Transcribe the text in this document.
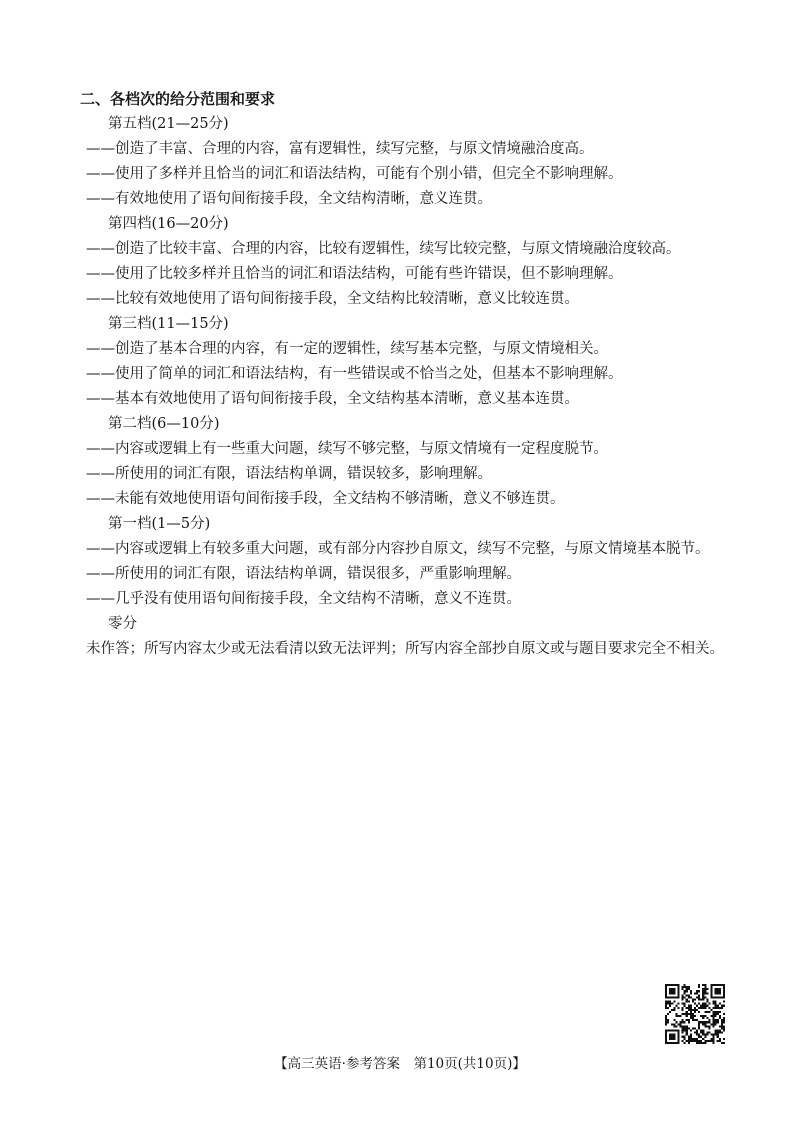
二、各档次的给分范围和要求

第五档(21—25分)

——创造了丰富、合理的内容，富有逻辑性，续写完整，与原文情境融洽度高。

——使用了多样并且恰当的词汇和语法结构，可能有个别小错，但完全不影响理解。

——有效地使用了语句间衔接手段，全文结构清晰，意义连贯。

第四档(16—20分)

——创造了比较丰富、合理的内容，比较有逻辑性，续写比较完整，与原文情境融洽度较高。

——使用了比较多样并且恰当的词汇和语法结构，可能有些许错误，但不影响理解。

——比较有效地使用了语句间衔接手段，全文结构比较清晰，意义比较连贯。

第三档(11—15分)

——创造了基本合理的内容，有一定的逻辑性，续写基本完整，与原文情境相关。

——使用了简单的词汇和语法结构，有一些错误或不恰当之处，但基本不影响理解。

——基本有效地使用了语句间衔接手段，全文结构基本清晰，意义基本连贯。

第二档(6—10分)

——内容或逻辑上有一些重大问题，续写不够完整，与原文情境有一定程度脱节。

——所使用的词汇有限，语法结构单调，错误较多，影响理解。

——未能有效地使用语句间衔接手段，全文结构不够清晰，意义不够连贯。

第一档(1—5分)

——内容或逻辑上有较多重大问题，或有部分内容抄自原文，续写不完整，与原文情境基本脱节。

——所使用的词汇有限，语法结构单调，错误很多，严重影响理解。

——几乎没有使用语句间衔接手段，全文结构不清晰，意义不连贯。

零分

未作答；所写内容太少或无法看清以致无法评判；所写内容全部抄自原文或与题目要求完全不相关。

【高三英语·参考答案　第10页(共10页)】
